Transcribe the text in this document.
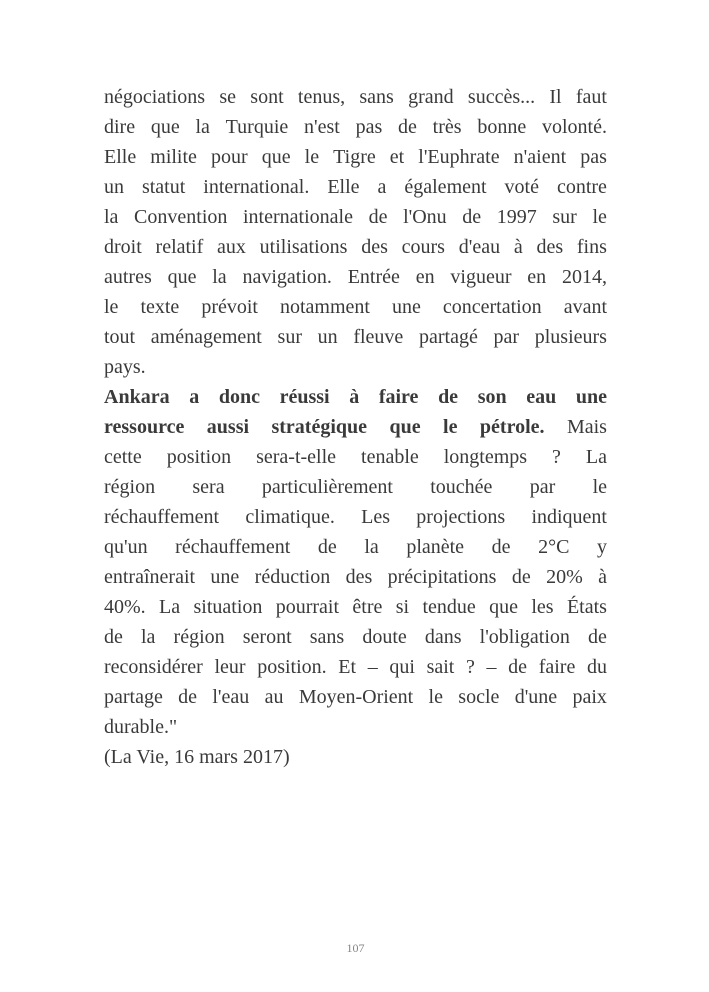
négociations se sont tenus, sans grand succès... Il faut
dire que la Turquie n'est pas de très bonne volonté.
Elle milite pour que le Tigre et l'Euphrate n'aient pas
un statut international. Elle a également voté contre
la Convention internationale de l'Onu de 1997 sur le
droit relatif aux utilisations des cours d'eau à des fins
autres que la navigation. Entrée en vigueur en 2014,
le texte prévoit notamment une concertation avant
tout aménagement sur un fleuve partagé par plusieurs
pays.
Ankara a donc réussi à faire de son eau une
ressource aussi stratégique que le pétrole. Mais
cette position sera-t-elle tenable longtemps ? La
région sera particulièrement touchée par le
réchauffement climatique. Les projections indiquent
qu'un réchauffement de la planète de 2°C y
entraînerait une réduction des précipitations de 20% à
40%. La situation pourrait être si tendue que les États
de la région seront sans doute dans l'obligation de
reconsidérer leur position. Et – qui sait ? – de faire du
partage de l'eau au Moyen-Orient le socle d'une paix
durable."
(La Vie, 16 mars 2017)
107
